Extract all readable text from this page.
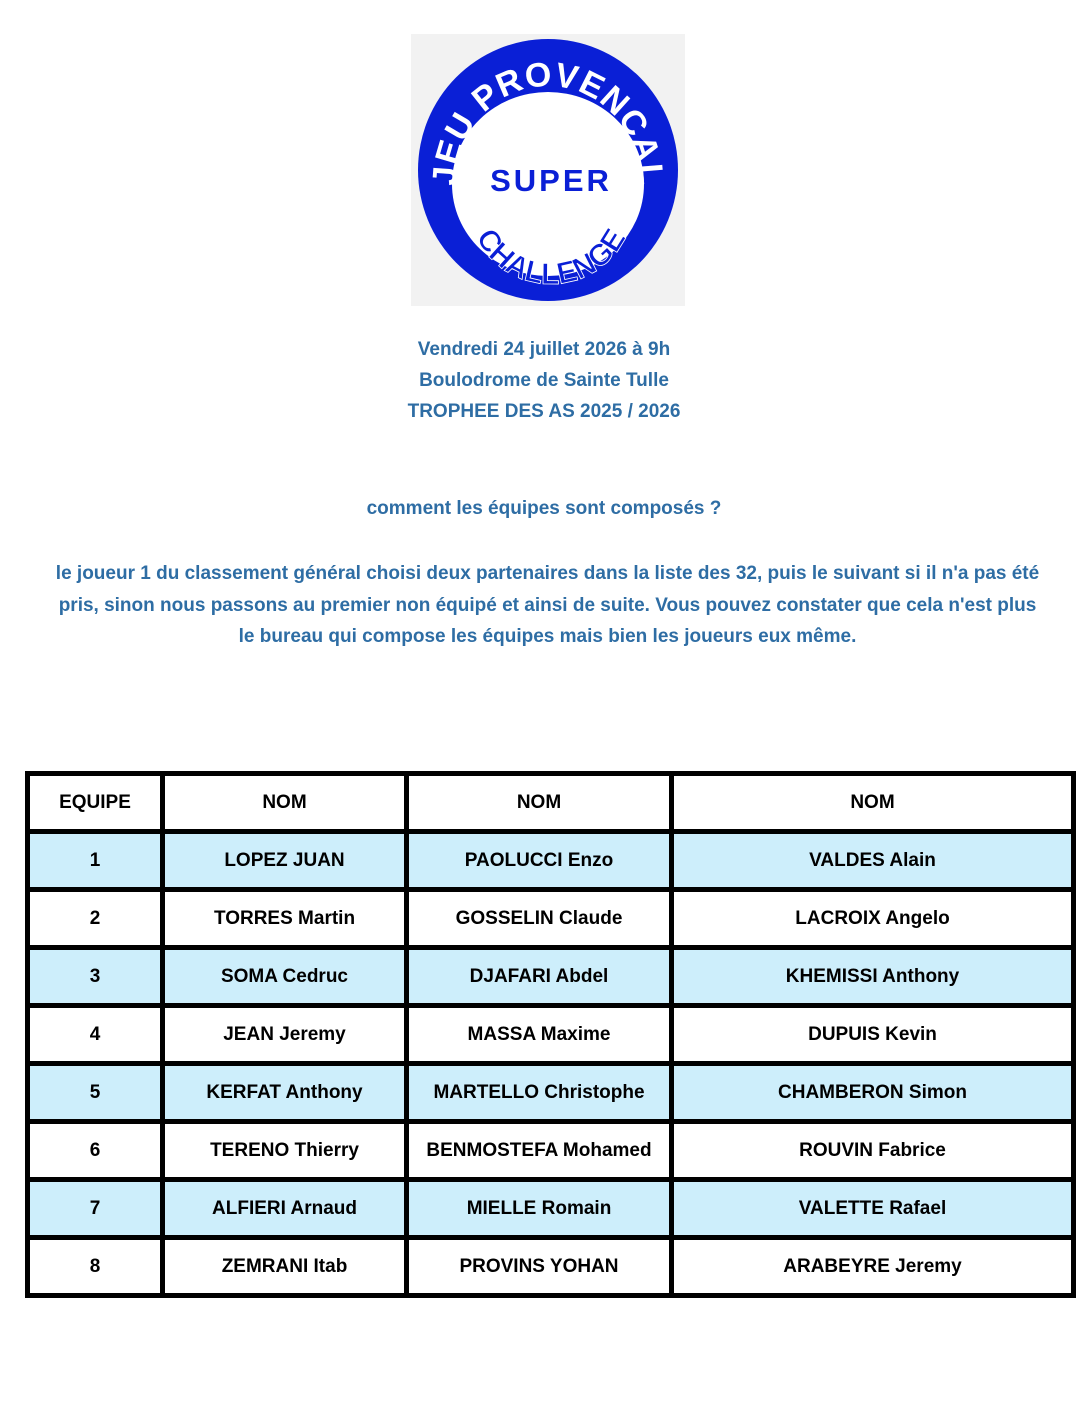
JEU PROVENCAL
SUPER
CHALLENGE
Vendredi 24 juillet 2026 à 9h
Boulodrome de Sainte Tulle
TROPHEE DES AS 2025 / 2026
comment les équipes sont composés ?
le joueur 1 du classement général choisi deux partenaires dans la liste des 32, puis le suivant si il n'a pas été
pris, sinon nous passons au premier non équipé et ainsi de suite. Vous pouvez constater que cela n'est plus
le bureau qui compose les équipes mais bien les joueurs eux même.
EQUIPE	NOM	NOM	NOM
1	LOPEZ JUAN	PAOLUCCI Enzo	VALDES Alain
2	TORRES Martin	GOSSELIN Claude	LACROIX Angelo
3	SOMA Cedruc	DJAFARI Abdel	KHEMISSI Anthony
4	JEAN Jeremy	MASSA Maxime	DUPUIS Kevin
5	KERFAT Anthony	MARTELLO Christophe	CHAMBERON Simon
6	TERENO Thierry	BENMOSTEFA Mohamed	ROUVIN Fabrice
7	ALFIERI Arnaud	MIELLE Romain	VALETTE Rafael
8	ZEMRANI Itab	PROVINS YOHAN	ARABEYRE Jeremy
